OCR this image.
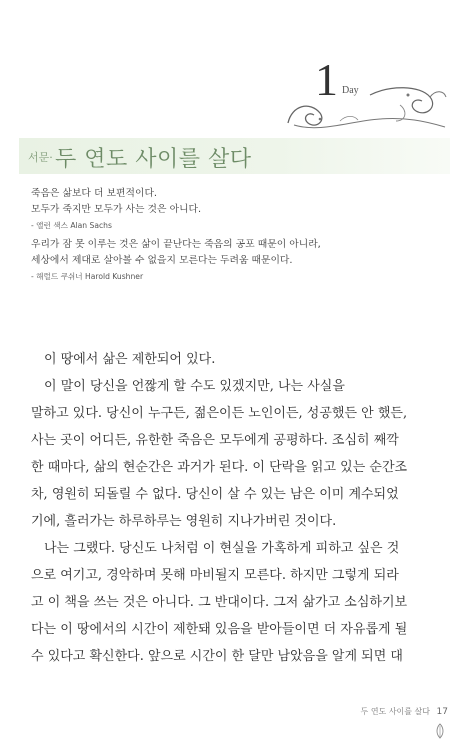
1 Day
서문· 두 연도 사이를 살다
죽음은 삶보다 더 보편적이다.
모두가 죽지만 모두가 사는 것은 아니다.
- 앨런 색스 Alan Sachs
우리가 잠 못 이루는 것은 삶이 끝난다는 죽음의 공포 때문이 아니라,
세상에서 제대로 살아볼 수 없을지 모른다는 두려움 때문이다.
- 해럴드 쿠쉬너 Harold Kushner
이 땅에서 삶은 제한되어 있다.
이 말이 당신을 언짢게 할 수도 있겠지만, 나는 사실을
말하고 있다. 당신이 누구든, 젊은이든 노인이든, 성공했든 안 했든,
사는 곳이 어디든, 유한한 죽음은 모두에게 공평하다. 조심히 째깍
한 때마다, 삶의 현순간은 과거가 된다. 이 단락을 읽고 있는 순간조
차, 영원히 되돌릴 수 없다. 당신이 살 수 있는 남은 이미 계수되었
기에, 흘러가는 하루하루는 영원히 지나가버린 것이다.
나는 그랬다. 당신도 나처럼 이 현실을 가혹하게 피하고 싶은 것
으로 여기고, 경악하며 못해 마비될지 모른다. 하지만 그렇게 되라
고 이 책을 쓰는 것은 아니다. 그 반대이다. 그저 삶가고 소심하기보
다는 이 땅에서의 시간이 제한돼 있음을 받아들이면 더 자유롭게 될
수 있다고 확신한다. 앞으로 시간이 한 달만 남았음을 알게 되면 대
두 연도 사이를 살다 17
